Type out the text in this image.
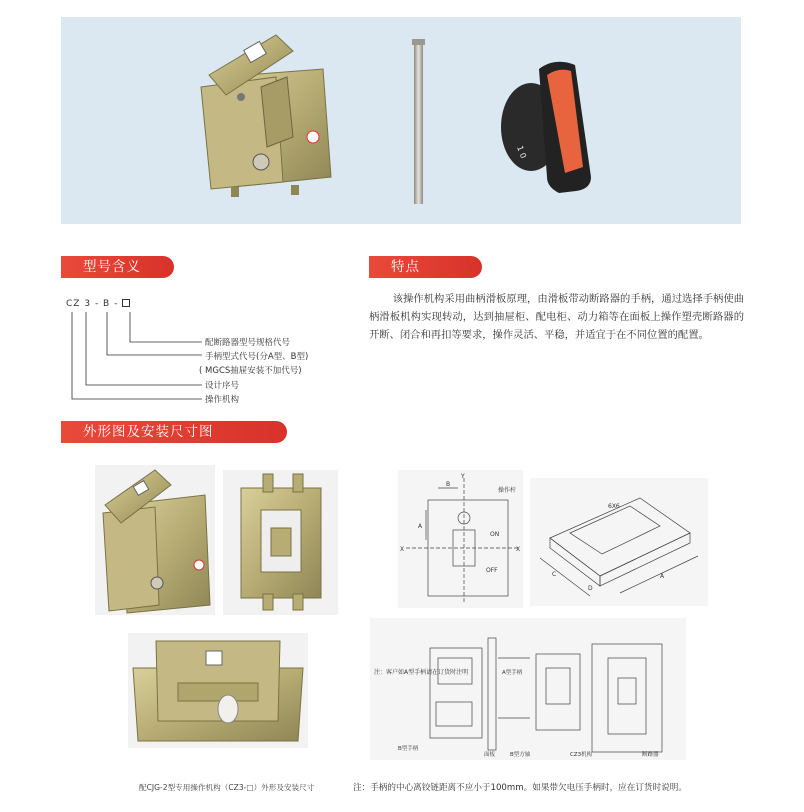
1 0
型号含义	特点
外形图及安装尺寸图
CZ 3 - B -
配断路器型号规格代号
手柄型式代号(分A型、B型)
( MGCS抽屉安装不加代号)
设计序号
操作机构

该操作机构采用曲柄滑板原理，由滑板带动断路器的手柄，通过选择手柄使曲柄滑板机构实现转动，达到抽屉柜、配电柜、动力箱等在面板上操作塑壳断路器的开断、闭合和再扣等要求，操作灵活、平稳，并适宜于在不同位置的配置。

ON
OFF
操作杆
X	X
Y
B
A
6X6
C
D
A
注：客户如A型手柄请在订货时注明	A型手柄
B型手柄
面板	B型方轴	CZ3机构	断路器
配CJG-2型专用操作机构（CZ3-□）外形及安装尺寸	注：手柄的中心离铰链距离不应小于100mm。如果带欠电压手柄时，应在订货时说明。
